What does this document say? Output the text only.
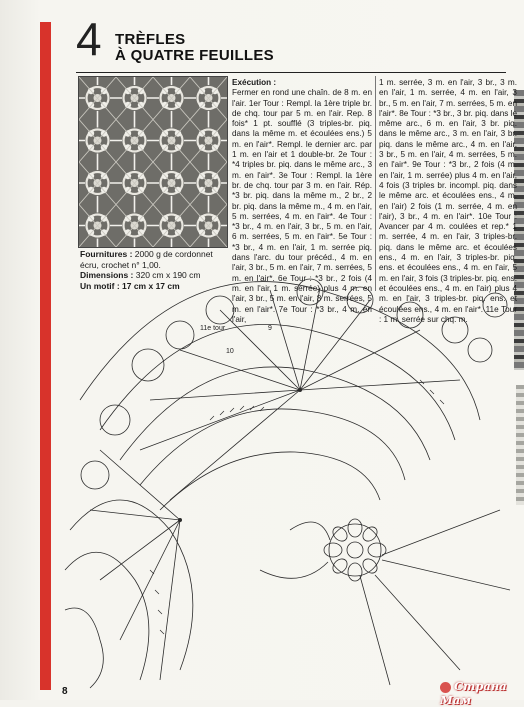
4 TRÈFLES
À QUATRE FEUILLES
Fournitures : 2000 g de cordonnet écru, crochet n° 1,00.
Dimensions : 320 cm x 190 cm
Un motif : 17 cm x 17 cm
Exécution :
Fermer en rond une chaîn. de 8 m. en l'air. 1er Tour : Rempl. la 1ère triple br. de chq. tour par 5 m. en l'air. Rep. 8 fois* 1 pt. soufflé (3 triples-br. piq. dans la même m. et écoulées ens.) 5 m. en l'air*. Rempl. le dernier arc. par 1 m. en l'air et 1 double-br. 2e Tour : *4 triples br. piq. dans le même arc., 3 m. en l'air*. 3e Tour : Rempl. la 1ère br. de chq. tour par 3 m. en l'air. Rép. *3 br. piq. dans la même m., 2 br., 2 br. piq. dans la même m., 4 m. en l'air, 5 m. serrées, 4 m. en l'air*. 4e Tour : *3 br., 4 m. en l'air, 3 br., 5 m. en l'air, 6 m. serrées, 5 m. en l'air*. 5e Tour : *3 br., 4 m. en l'air, 1 m. serrée piq. dans l'arc. du tour précéd., 4 m. en l'air, 3 br., 5 m. en l'air, 7 m. serrées, 5 m. en l'air*. 6e Tour : *3 br., 2 fois (4 m. en l'air 1 m. serrée) plus 4 m. en l'air, 3 br., 5 m. en l'air, 8 m. serrées, 5 m. en l'air*. 7e Tour : *3 br., 4 m. en l'air,
1 m. serrée, 3 m. en l'air, 3 br., 3 m. en l'air, 1 m. serrée, 4 m. en l'air, 3 br., 5 m. en l'air, 7 m. serrées, 5 m. en l'air*. 8e Tour : *3 br., 3 br. piq. dans le même arc., 6 m. en l'air, 3 br. piq. dans le même arc., 3 m. en l'air, 3 br. piq. dans le même arc., 4 m. en l'air, 3 br., 5 m. en l'air, 4 m. serrées, 5 m. en l'air*. 9e Tour : *3 br., 2 fois (4 m. en l'air, 1 m. serrée) plus 4 m. en l'air, 4 fois (3 triples br. incompl. piq. dans le même arc. et écoulées ens., 4 m. en l'air) 2 fois (1 m. serrée, 4 m. en l'air), 3 br., 4 m. en l'air*. 10e Tour : Avancer par 4 m. coulées et rep.* 1 m. serrée, 4 m. en l'air, 3 triples-br. piq. dans le même arc. et écoulées ens., 4 m. en l'air, 3 triples-br. piq. ens. et écoulées ens., 4 m. en l'air, 5 m. en l'air, 3 fois (3 triples-br. piq. ens. et écoulées ens., 4 m. en l'air) plus 4 m. en l'air, 3 triples-br. piq. ens. et écoulées ens., 4 m. en l'air*. 11e Tour : 1 m. serrée sur chq. m.
11e tour	9
10
8	Страна Мам
